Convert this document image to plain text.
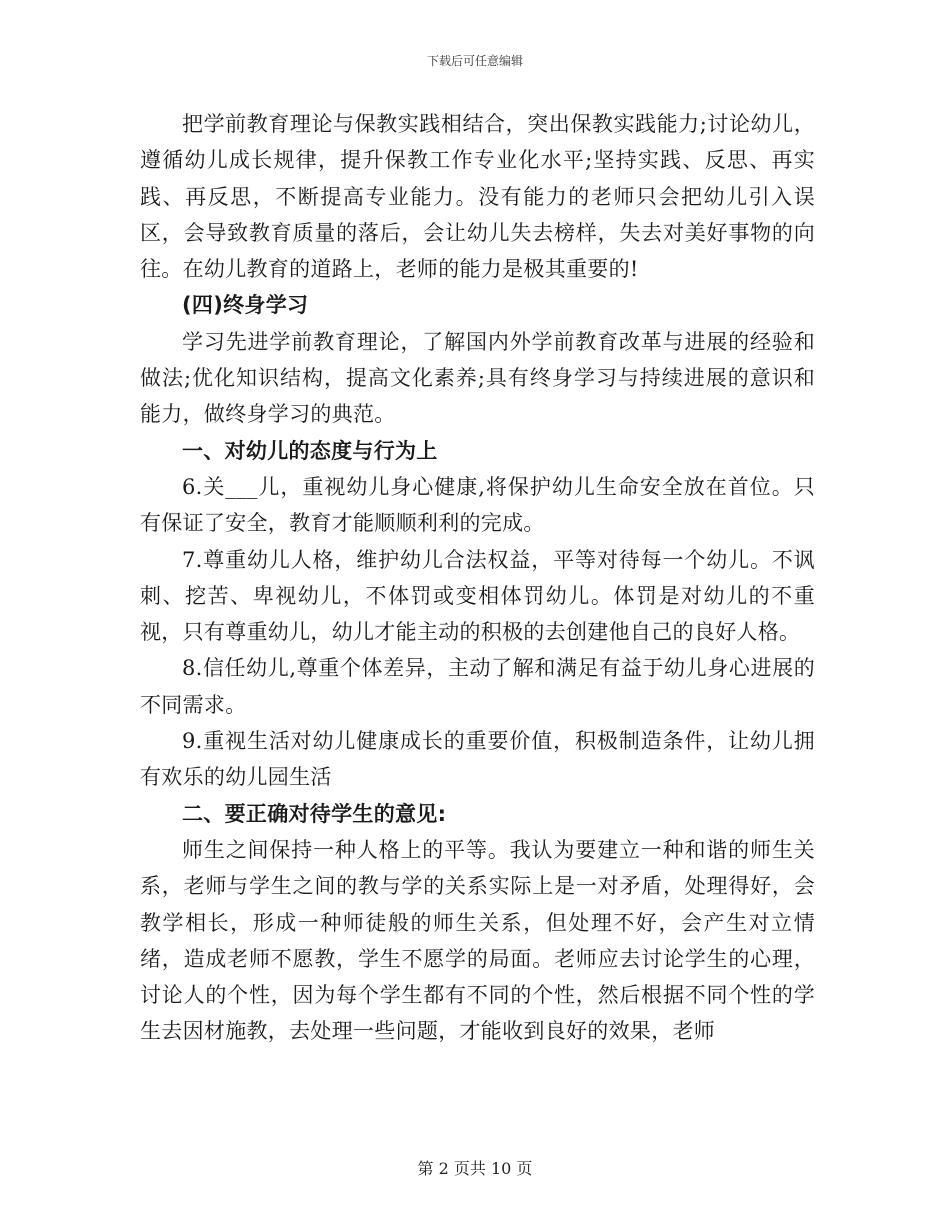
下载后可任意编辑

把学前教育理论与保教实践相结合，突出保教实践能力;讨论幼儿，遵循幼儿成长规律，提升保教工作专业化水平;坚持实践、反思、再实践、再反思，不断提高专业能力。没有能力的老师只会把幼儿引入误区，会导致教育质量的落后，会让幼儿失去榜样，失去对美好事物的向往。在幼儿教育的道路上，老师的能力是极其重要的!

(四)终身学习

学习先进学前教育理论，了解国内外学前教育改革与进展的经验和做法;优化知识结构，提高文化素养;具有终身学习与持续进展的意识和能力，做终身学习的典范。

一、对幼儿的态度与行为上

6.关___儿，重视幼儿身心健康,将保护幼儿生命安全放在首位。只有保证了安全，教育才能顺顺利利的完成。

7.尊重幼儿人格，维护幼儿合法权益，平等对待每一个幼儿。不讽刺、挖苦、卑视幼儿，不体罚或变相体罚幼儿。体罚是对幼儿的不重视，只有尊重幼儿，幼儿才能主动的积极的去创建他自己的良好人格。

8.信任幼儿,尊重个体差异，主动了解和满足有益于幼儿身心进展的不同需求。

9.重视生活对幼儿健康成长的重要价值，积极制造条件，让幼儿拥有欢乐的幼儿园生活

二、要正确对待学生的意见:

师生之间保持一种人格上的平等。我认为要建立一种和谐的师生关系，老师与学生之间的教与学的关系实际上是一对矛盾，处理得好，会教学相长，形成一种师徒般的师生关系，但处理不好，会产生对立情绪，造成老师不愿教，学生不愿学的局面。老师应去讨论学生的心理，讨论人的个性，因为每个学生都有不同的个性，然后根据不同个性的学生去因材施教，去处理一些问题，才能收到良好的效果，老师

第 2 页共 10 页
